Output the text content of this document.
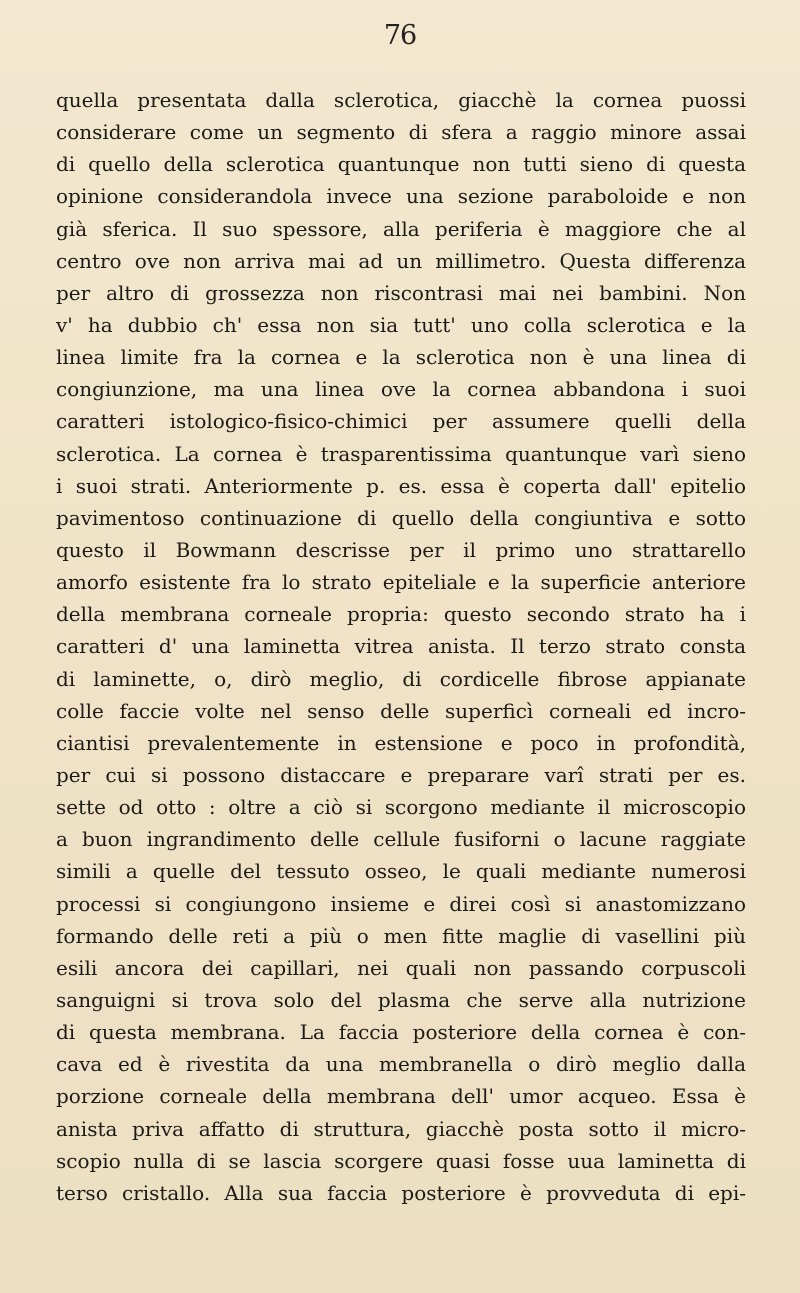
76
quella presentata dalla sclerotica, giacchè la cornea puossi
considerare come un segmento di sfera a raggio minore assai
di quello della sclerotica quantunque non tutti sieno di questa
opinione considerandola invece una sezione paraboloide e non
già sferica. Il suo spessore, alla periferia è maggiore che al
centro ove non arriva mai ad un millimetro. Questa differenza
per altro di grossezza non riscontrasi mai nei bambini. Non
v' ha dubbio ch' essa non sia tutt' uno colla sclerotica e la
linea limite fra la cornea e la sclerotica non è una linea di
congiunzione, ma una linea ove la cornea abbandona i suoi
caratteri istologico-fisico-chimici per assumere quelli della
sclerotica. La cornea è trasparentissima quantunque varì sieno
i suoi strati. Anteriormente p. es. essa è coperta dall' epitelio
pavimentoso continuazione di quello della congiuntiva e sotto
questo il Bowmann descrisse per il primo uno strattarello
amorfo esistente fra lo strato epiteliale e la superficie anteriore
della membrana corneale propria: questo secondo strato ha i
caratteri d' una laminetta vitrea anista. Il terzo strato consta
di laminette, o, dirò meglio, di cordicelle fibrose appianate
colle faccie volte nel senso delle superficì corneali ed incro-
ciantisi prevalentemente in estensione e poco in profondità,
per cui si possono distaccare e preparare varî strati per es.
sette od otto : oltre a ciò si scorgono mediante il microscopio
a buon ingrandimento delle cellule fusiforni o lacune raggiate
simili a quelle del tessuto osseo, le quali mediante numerosi
processi si congiungono insieme e direi così si anastomizzano
formando delle reti a più o men fitte maglie di vasellini più
esili ancora dei capillari, nei quali non passando corpuscoli
sanguigni si trova solo del plasma che serve alla nutrizione
di questa membrana. La faccia posteriore della cornea è con-
cava ed è rivestita da una membranella o dirò meglio dalla
porzione corneale della membrana dell' umor acqueo. Essa è
anista priva affatto di struttura, giacchè posta sotto il micro-
scopio nulla di se lascia scorgere quasi fosse uua laminetta di
terso cristallo. Alla sua faccia posteriore è provveduta di epi-
